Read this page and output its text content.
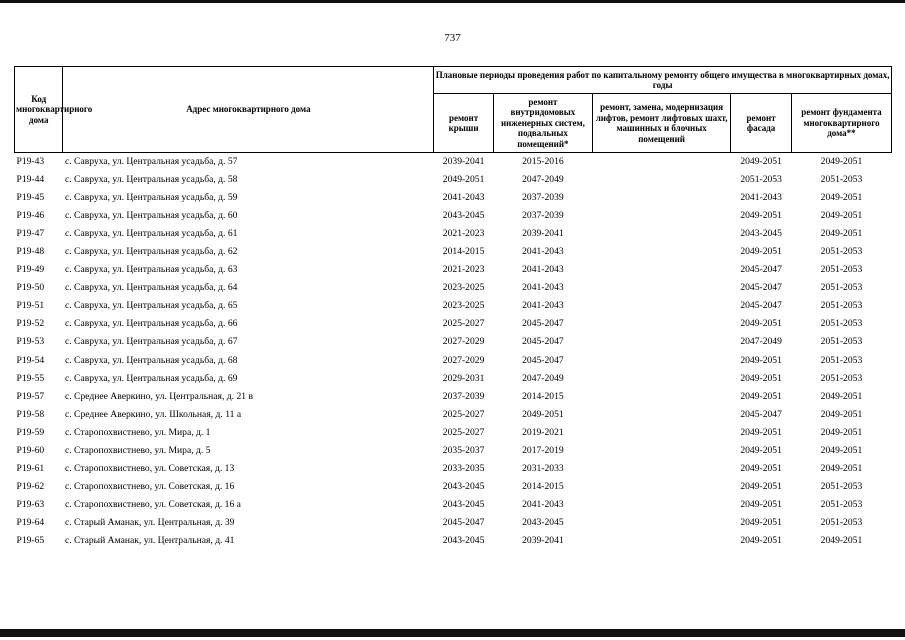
737
Код многоквартирного дома	Адрес многоквартирного дома	Плановые периоды проведения работ по капитальному ремонту общего имущества в многоквартирных домах, годы				
		ремонт крыши	ремонт внутридомовых инженерных систем, подвальных помещений*	ремонт, замена, модернизация лифтов, ремонт лифтовых шахт, машинных и блочных помещений	ремонт фасада	ремонт фундамента многоквартирного дома**
Р19-43	с. Савруха, ул. Центральная усадьба, д. 57	2039-2041	2015-2016		2049-2051	2049-2051
Р19-44	с. Савруха, ул. Центральная усадьба, д. 58	2049-2051	2047-2049		2051-2053	2051-2053
Р19-45	с. Савруха, ул. Центральная усадьба, д. 59	2041-2043	2037-2039		2041-2043	2049-2051
Р19-46	с. Савруха, ул. Центральная усадьба, д. 60	2043-2045	2037-2039		2049-2051	2049-2051
Р19-47	с. Савруха, ул. Центральная усадьба, д. 61	2021-2023	2039-2041		2043-2045	2049-2051
Р19-48	с. Савруха, ул. Центральная усадьба, д. 62	2014-2015	2041-2043		2049-2051	2051-2053
Р19-49	с. Савруха, ул. Центральная усадьба, д. 63	2021-2023	2041-2043		2045-2047	2051-2053
Р19-50	с. Савруха, ул. Центральная усадьба, д. 64	2023-2025	2041-2043		2045-2047	2051-2053
Р19-51	с. Савруха, ул. Центральная усадьба, д. 65	2023-2025	2041-2043		2045-2047	2051-2053
Р19-52	с. Савруха, ул. Центральная усадьба, д. 66	2025-2027	2045-2047		2049-2051	2051-2053
Р19-53	с. Савруха, ул. Центральная усадьба, д. 67	2027-2029	2045-2047		2047-2049	2051-2053
Р19-54	с. Савруха, ул. Центральная усадьба, д. 68	2027-2029	2045-2047		2049-2051	2051-2053
Р19-55	с. Савруха, ул. Центральная усадьба, д. 69	2029-2031	2047-2049		2049-2051	2051-2053
Р19-57	с. Среднее Аверкино, ул. Центральная, д. 21 в	2037-2039	2014-2015		2049-2051	2049-2051
Р19-58	с. Среднее Аверкино, ул. Школьная, д. 11 а	2025-2027	2049-2051		2045-2047	2049-2051
Р19-59	с. Старопохвистнево, ул. Мира, д. 1	2025-2027	2019-2021		2049-2051	2049-2051
Р19-60	с. Старопохвистнево, ул. Мира, д. 5	2035-2037	2017-2019		2049-2051	2049-2051
Р19-61	с. Старопохвистнево, ул. Советская, д. 13	2033-2035	2031-2033		2049-2051	2049-2051
Р19-62	с. Старопохвистнево, ул. Советская, д. 16	2043-2045	2014-2015		2049-2051	2051-2053
Р19-63	с. Старопохвистнево, ул. Советская, д. 16 а	2043-2045	2041-2043		2049-2051	2051-2053
Р19-64	с. Старый Аманак, ул. Центральная, д. 39	2045-2047	2043-2045		2049-2051	2051-2053
Р19-65	с. Старый Аманак, ул. Центральная, д. 41	2043-2045	2039-2041		2049-2051	2049-2051
